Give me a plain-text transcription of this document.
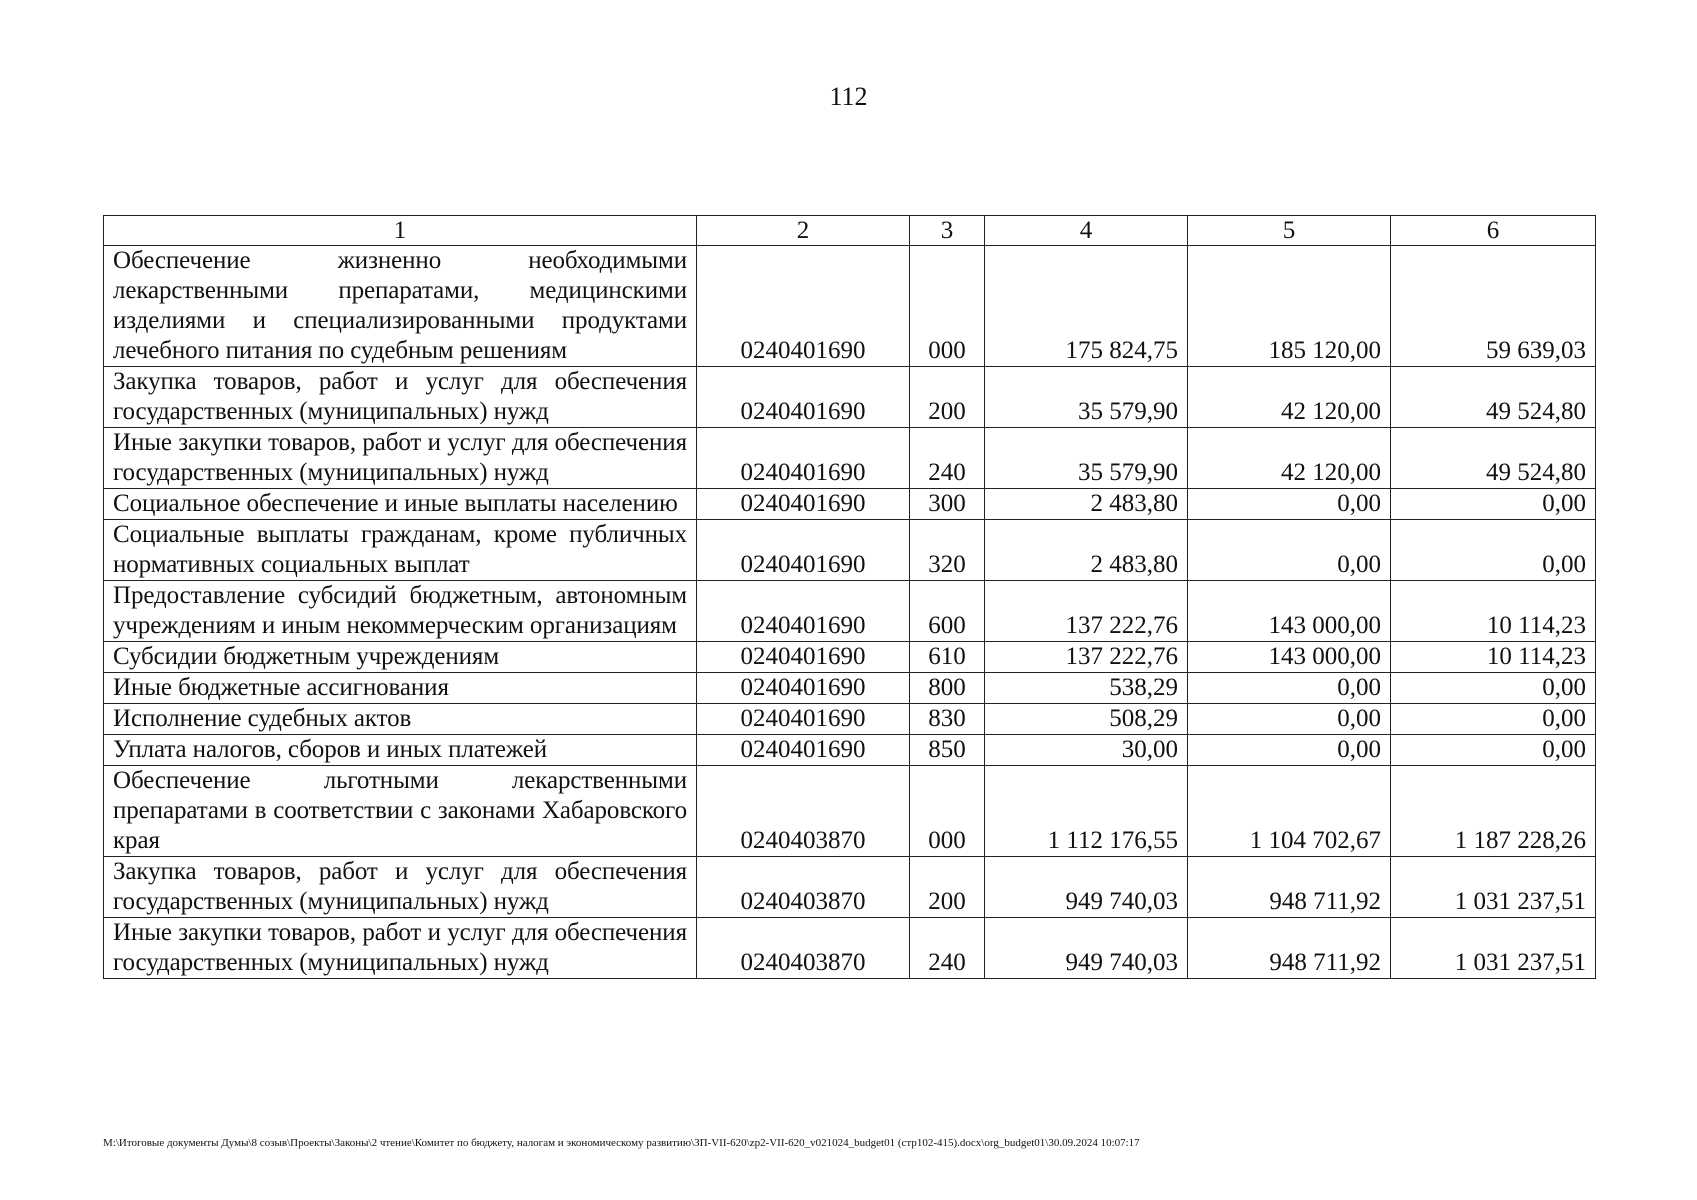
112
1	2	3	4	5	6
Обеспечение жизненно необходимыми лекарственными препаратами, медицинскими изделиями и специализированными продуктами лечебного питания по судебным решениям	0240401690	000	175 824,75	185 120,00	59 639,03
Закупка товаров, работ и услуг для обеспечения государственных (муниципальных) нужд	0240401690	200	35 579,90	42 120,00	49 524,80
Иные закупки товаров, работ и услуг для обеспечения государственных (муниципальных) нужд	0240401690	240	35 579,90	42 120,00	49 524,80
Социальное обеспечение и иные выплаты населению	0240401690	300	2 483,80	0,00	0,00
Социальные выплаты гражданам, кроме публичных нормативных социальных выплат	0240401690	320	2 483,80	0,00	0,00
Предоставление субсидий бюджетным, автономным учреждениям и иным некоммерческим организациям	0240401690	600	137 222,76	143 000,00	10 114,23
Субсидии бюджетным учреждениям	0240401690	610	137 222,76	143 000,00	10 114,23
Иные бюджетные ассигнования	0240401690	800	538,29	0,00	0,00
Исполнение судебных актов	0240401690	830	508,29	0,00	0,00
Уплата налогов, сборов и иных платежей	0240401690	850	30,00	0,00	0,00
Обеспечение льготными лекарственными препаратами в соответствии с законами Хабаровского края	0240403870	000	1 112 176,55	1 104 702,67	1 187 228,26
Закупка товаров, работ и услуг для обеспечения государственных (муниципальных) нужд	0240403870	200	949 740,03	948 711,92	1 031 237,51
Иные закупки товаров, работ и услуг для обеспечения государственных (муниципальных) нужд	0240403870	240	949 740,03	948 711,92	1 031 237,51
M:\Итоговые документы Думы\8 созыв\Проекты\Законы\2 чтение\Комитет по бюджету, налогам и экономическому развитию\ЗП-VII-620\zp2-VII-620_v021024_budget01 (стр102-415).docx\org_budget01\30.09.2024 10:07:17
